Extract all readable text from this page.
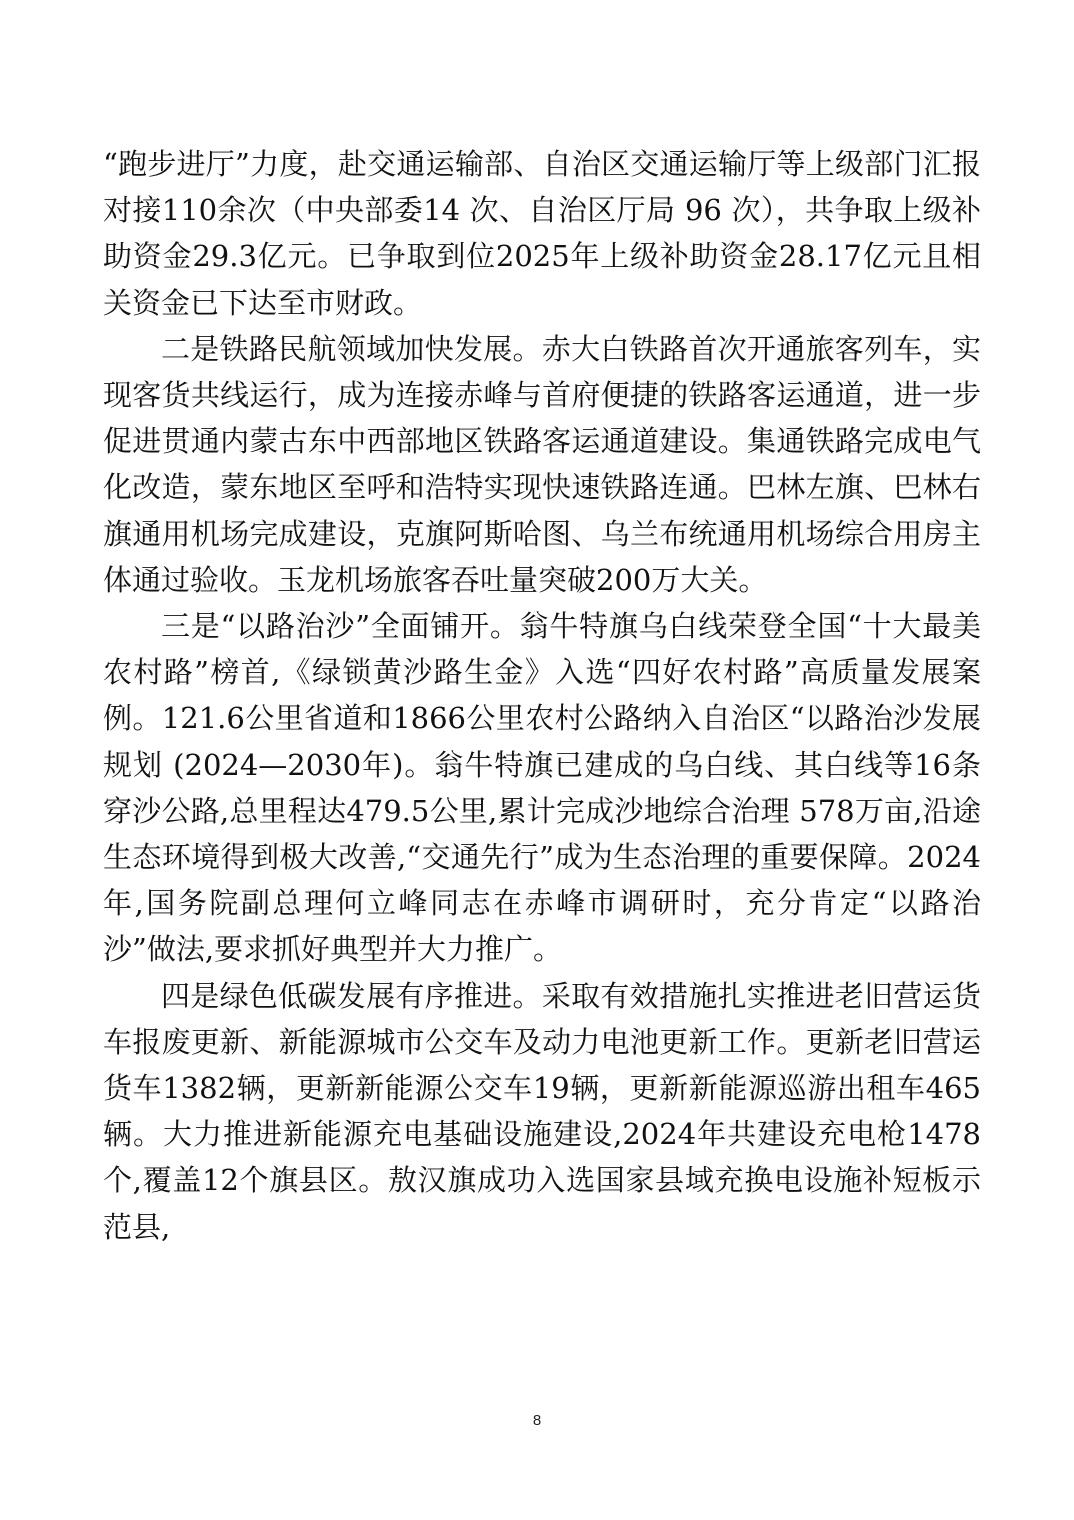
“跑步进厅”力度，赴交通运输部、自治区交通运输厅等上级部门汇报对接110余次（中央部委14 次、自治区厅局 96 次），共争取上级补助资金29.3亿元。已争取到位2025年上级补助资金28.17亿元且相关资金已下达至市财政。

二是铁路民航领域加快发展。赤大白铁路首次开通旅客列车，实现客货共线运行，成为连接赤峰与首府便捷的铁路客运通道，进一步促进贯通内蒙古东中西部地区铁路客运通道建设。集通铁路完成电气化改造，蒙东地区至呼和浩特实现快速铁路连通。巴林左旗、巴林右旗通用机场完成建设，克旗阿斯哈图、乌兰布统通用机场综合用房主体通过验收。玉龙机场旅客吞吐量突破200万大关。

三是“以路治沙”全面铺开。翁牛特旗乌白线荣登全国“十大最美农村路”榜首,《绿锁黄沙路生金》入选“四好农村路”高质量发展案例。121.6公里省道和1866公里农村公路纳入自治区“以路治沙发展规划 (2024—2030年)。翁牛特旗已建成的乌白线、其白线等16条穿沙公路,总里程达479.5公里,累计完成沙地综合治理 578万亩,沿途生态环境得到极大改善,“交通先行”成为生态治理的重要保障。2024年,国务院副总理何立峰同志在赤峰市调研时，充分肯定“以路治沙”做法,要求抓好典型并大力推广。

四是绿色低碳发展有序推进。采取有效措施扎实推进老旧营运货车报废更新、新能源城市公交车及动力电池更新工作。更新老旧营运货车1382辆，更新新能源公交车19辆，更新新能源巡游出租车465辆。大力推进新能源充电基础设施建设,2024年共建设充电枪1478个,覆盖12个旗县区。敖汉旗成功入选国家县域充换电设施补短板示范县,

8
